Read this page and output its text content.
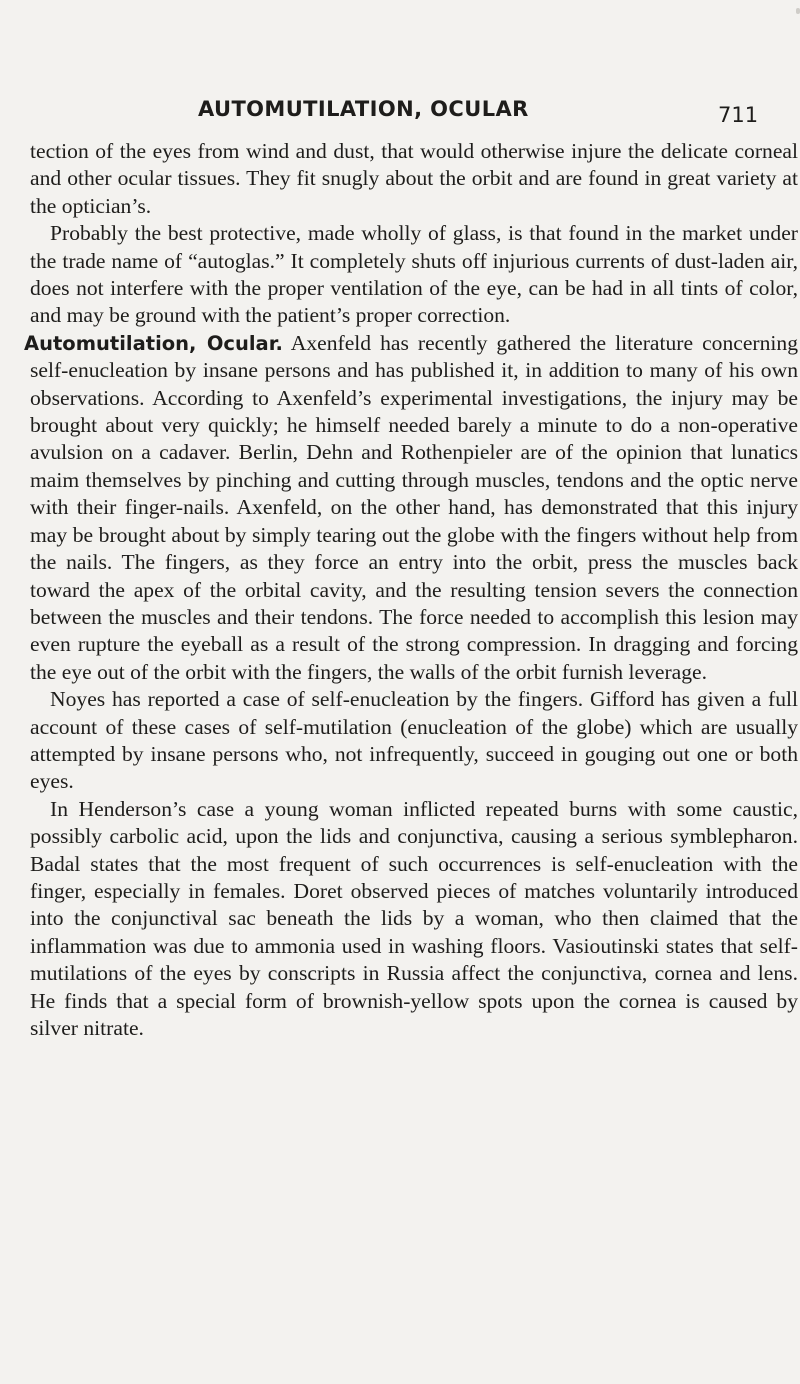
AUTOMUTILATION, OCULAR	711

tection of the eyes from wind and dust, that would otherwise injure the delicate corneal and other ocular tissues. They fit snugly about the orbit and are found in great variety at the optician’s.

Probably the best protective, made wholly of glass, is that found in the market under the trade name of “autoglas.” It completely shuts off injurious currents of dust-laden air, does not interfere with the proper ventilation of the eye, can be had in all tints of color, and may be ground with the patient’s proper correction.

Automutilation, Ocular. Axenfeld has recently gathered the literature concerning self-enucleation by insane persons and has published it, in addition to many of his own observations. According to Axenfeld’s experimental investigations, the injury may be brought about very quickly; he himself needed barely a minute to do a non-operative avulsion on a cadaver. Berlin, Dehn and Rothenpieler are of the opinion that lunatics maim themselves by pinching and cutting through muscles, tendons and the optic nerve with their finger-nails. Axenfeld, on the other hand, has demonstrated that this injury may be brought about by simply tearing out the globe with the fingers without help from the nails. The fingers, as they force an entry into the orbit, press the muscles back toward the apex of the orbital cavity, and the resulting tension severs the connection between the muscles and their tendons. The force needed to accomplish this lesion may even rupture the eyeball as a result of the strong compression. In dragging and forcing the eye out of the orbit with the fingers, the walls of the orbit furnish leverage.

Noyes has reported a case of self-enucleation by the fingers. Gifford has given a full account of these cases of self-mutilation (enucleation of the globe) which are usually attempted by insane persons who, not infrequently, succeed in gouging out one or both eyes.

In Henderson’s case a young woman inflicted repeated burns with some caustic, possibly carbolic acid, upon the lids and conjunctiva, causing a serious symblepharon. Badal states that the most frequent of such occurrences is self-enucleation with the finger, especially in females. Doret observed pieces of matches voluntarily introduced into the conjunctival sac beneath the lids by a woman, who then claimed that the inflammation was due to ammonia used in washing floors. Vasioutinski states that self-mutilations of the eyes by conscripts in Russia affect the conjunctiva, cornea and lens. He finds that a special form of brownish-yellow spots upon the cornea is caused by silver nitrate.
